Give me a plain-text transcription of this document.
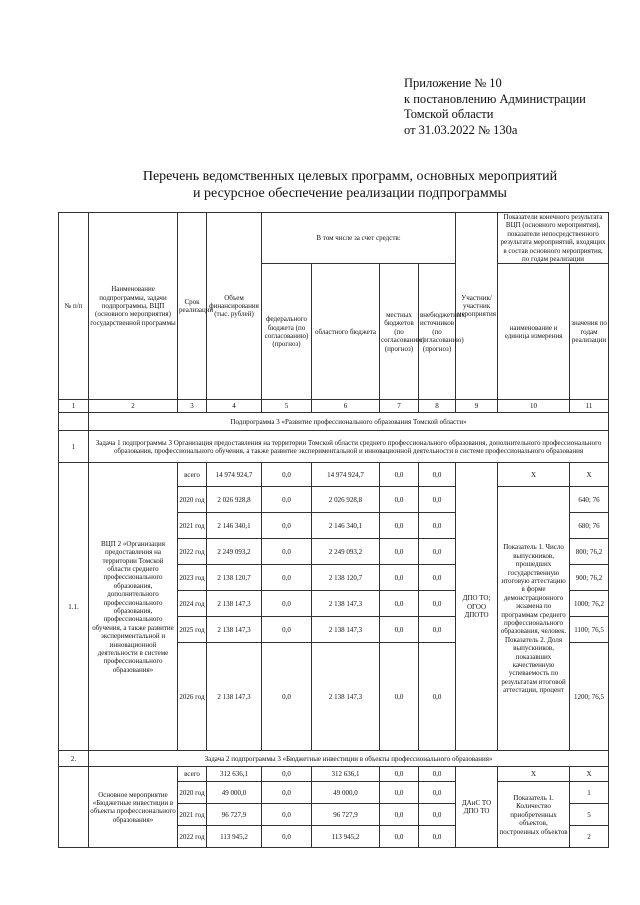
Приложение № 10
к постановлению Администрации
Томской области
от 31.03.2022 № 130а
Перечень ведомственных целевых программ, основных мероприятий
и ресурсное обеспечение реализации подпрограммы
№ п/п	Наименование подпрограммы, задачи подпрограммы, ВЦП (основного мероприятия) государственной программы	Срок реализации	Объем финансирования (тыс. рублей)	В том числе за счет средств:				Участник/ участник мероприятия	Показатели конечного результата ВЦП (основного мероприятия), показатели непосредственного результата мероприятий, входящих в состав основного мероприятия, по годам реализации	
				федерального бюджета (по согласованию) (прогноз)	областного бюджета	местных бюджетов (по согласованию) (прогноз)	внебюджетных источников (по согласованию) (прогноз)		наименование и единица измерения	значения по годам реализации
1	2	3	4	5	6	7	8	9	10	11
	Подпрограмма 3 «Развитие профессионального образования Томской области»									
1	Задача 1 подпрограммы 3 Организация предоставления на территории Томской области среднего профессионального образования, дополнительного профессионального образования, профессионального обучения, а также развитие экспериментальной и инновационной деятельности в системе профессионального образования									
1.1.	ВЦП 2 «Организация предоставления на территории Томской области среднего профессионального образования, дополнительного профессионального образования, профессионального обучения, а также развитие экспериментальной и инновационной деятельности в системе профессионального образования»	всего	14 974 924,7	0,0	14 974 924,7	0,0	0,0	ДПО ТО; ОГОО ДПОТО	Х	Х
		2020 год	2 026 928,8	0,0	2 026 928,8	0,0	0,0		Показатель 1. Число выпускников, прошедших государственную итоговую аттестацию в форме демонстрационного экзамена по программам среднего профессионального образования, человек. Показатель 2. Доля выпускников, показавших качественную успеваемость по результатам итоговой аттестации, процент	640; 76
		2021 год	2 146 340,1	0,0	2 146 340,1	0,0	0,0			680; 76
		2022 год	2 249 093,2	0,0	2 249 093,2	0,0	0,0			800; 76,2
		2023 год	2 138 120,7	0,0	2 138 120,7	0,0	0,0			900; 76,2
		2024 год	2 138 147,3	0,0	2 138 147,3	0,0	0,0			1000; 76,2
		2025 год	2 138 147,3	0,0	2 138 147,3	0,0	0,0			1100; 76,5
		2026 год	2 138 147,3	0,0	2 138 147,3	0,0	0,0			1200; 76,5
2.	Задача 2 подпрограммы 3 «Бюджетные инвестиции в объекты профессионального образования»									
	Основное мероприятие «Бюджетные инвестиции в объекты профессионального образования»	всего	312 636,1	0,0	312 636,1	0,0	0,0	ДАиС ТО ДПО ТО	Х	Х
		2020 год	49 000,0	0,0	49 000,0	0,0	0,0		Показатель 1. Количество приобретенных объектов, построенных объектов	1
		2021 год	96 727,9	0,0	96 727,9	0,0	0,0			5
		2022 год	113 945,2	0,0	113 945,2	0,0	0,0			2
